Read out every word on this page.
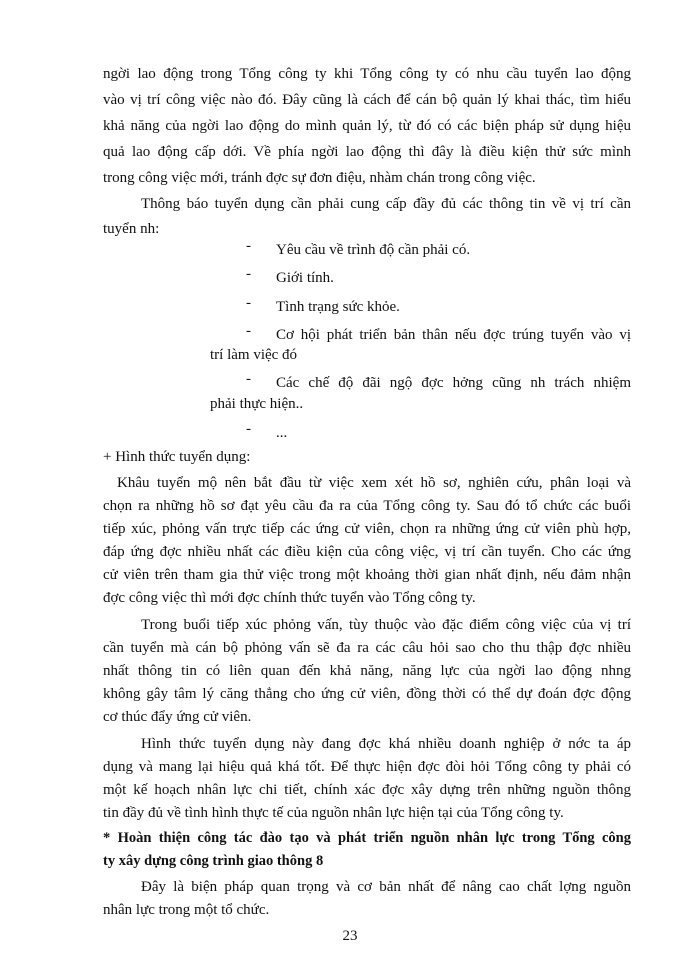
ngời lao động trong Tổng công ty khi Tổng công ty có nhu cầu tuyển lao động
vào vị trí công việc nào đó. Đây cũng là cách để cán bộ quản lý khai thác, tìm hiểu
khả năng của ngời lao động do mình quản lý, từ đó có các biện pháp sử dụng hiệu
quả lao động cấp dới. Về phía ngời lao động thì đây là điều kiện thử sức mình
trong công việc mới, tránh đợc sự đơn điệu, nhàm chán trong công việc.
Thông báo tuyển dụng cần phải cung cấp đầy đủ các thông tin về vị trí cần
tuyển nh:
- Yêu cầu về trình độ cần phải có.
- Giới tính.
- Tình trạng sức khỏe.
- Cơ hội phát triển bản thân nếu đợc trúng tuyển vào vị
trí làm việc đó
- Các chế độ đãi ngộ đợc hởng cũng nh trách nhiệm
phải thực hiện..
- ...
+ Hình thức tuyển dụng:
Khâu tuyển mộ nên bắt đầu từ việc xem xét hồ sơ, nghiên cứu, phân loại và
chọn ra những hồ sơ đạt yêu cầu đa ra của Tổng công ty. Sau đó tổ chức các buổi
tiếp xúc, phỏng vấn trực tiếp các ứng cử viên, chọn ra những ứng cử viên phù hợp,
đáp ứng đợc nhiều nhất các điều kiện của công việc, vị trí cần tuyển. Cho các ứng
cử viên trên tham gia thử việc trong một khoảng thời gian nhất định, nếu đảm nhận
đợc công việc thì mới đợc chính thức tuyển vào Tổng công ty.
Trong buổi tiếp xúc phỏng vấn, tùy thuộc vào đặc điểm công việc của vị trí
cần tuyển mà cán bộ phỏng vấn sẽ đa ra các câu hỏi sao cho thu thập đợc nhiều
nhất thông tin có liên quan đến khả năng, năng lực của ngời lao động nhng
không gây tâm lý căng thẳng cho ứng cử viên, đồng thời có thể dự đoán đợc động
cơ thúc đẩy ứng cử viên.
Hình thức tuyển dụng này đang đợc khá nhiều doanh nghiệp ở nớc ta áp
dụng và mang lại hiệu quả khá tốt. Để thực hiện đợc đòi hỏi Tổng công ty phải có
một kế hoạch nhân lực chi tiết, chính xác đợc xây dựng trên những nguồn thông
tin đầy đủ về tình hình thực tế của nguồn nhân lực hiện tại của Tổng công ty.
* Hoàn thiện công tác đào tạo và phát triển nguồn nhân lực trong Tổng công
ty xây dựng công trình giao thông 8
23
Đây là biện pháp quan trọng và cơ bản nhất để nâng cao chất lợng nguồn
nhân lực trong một tổ chức.
